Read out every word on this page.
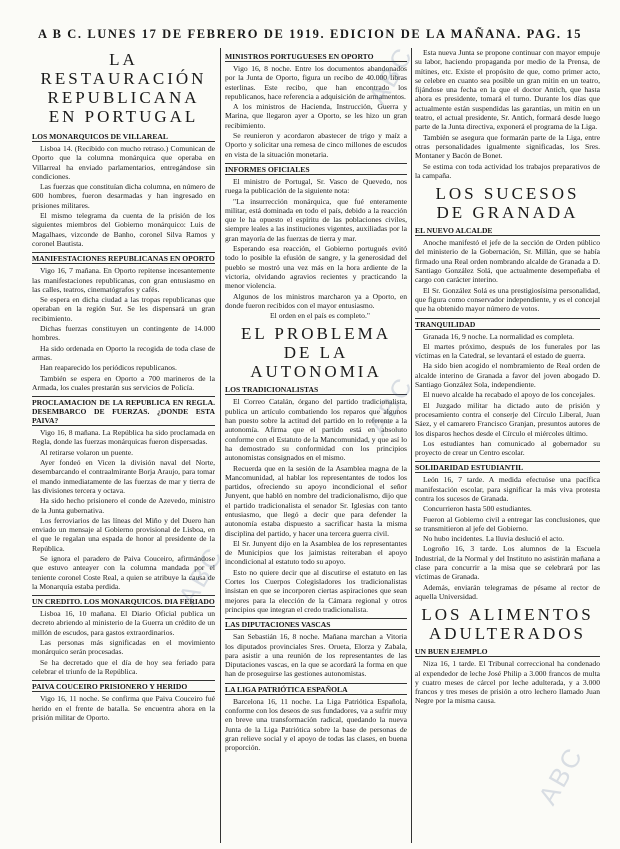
A B C. LUNES 17 DE FEBRERO DE 1919. EDICION DE LA MAÑANA. PAG. 15
LA RESTAURACIÓN
REPUBLICANA
EN PORTUGAL
LOS MONARQUICOS DE VILLAREAL

Lisboa 14. (Recibido con mucho retraso.) Comunican de Oporto que la columna monárquica que operaba en Villarreal ha enviado parlamentarios, entregándose sin condiciones.

Las fuerzas que constituían dicha columna, en número de 600 hombres, fueron desarmadas y han ingresado en prisiones militares.

El mismo telegrama da cuenta de la prisión de los siguientes miembros del Gobierno monárquico: Luis de Magalhaes, vizconde de Banho, coronel Silva Ramos y coronel Bautista.

MANIFESTACIONES REPUBLICANAS EN OPORTO

Vigo 16, 7 mañana. En Oporto repitense incesantemente las manifestaciones republicanas, con gran entusiasmo en las calles, teatros, cinematógrafos y cafés.

Se espera en dicha ciudad a las tropas republicanas que operaban en la región Sur. Se les dispensará un gran recibimiento.

Dichas fuerzas constituyen un contingente de 14.000 hombres.

Ha sido ordenada en Oporto la recogida de toda clase de armas.

Han reaparecido los periódicos republicanos.

También se espera en Oporto a 700 marineros de la Armada, los cuales prestarán sus servicios de Policía.

PROCLAMACION DE LA REPUBLICA EN REGLA. DESEMBARCO DE FUERZAS. ¿DONDE ESTA PAIVA?

Vigo 16, 8 mañana. La República ha sido proclamada en Regla, donde las fuerzas monárquicas fueron dispersadas.

Al retirarse volaron un puente.

Ayer fondeó en Vicen la división naval del Norte, desembarcando el contraalmirante Borja Araujo, para tomar el mando inmediatamente de las fuerzas de mar y tierra de las divisiones tercera y octava.

Ha sido hecho prisionero el conde de Azevedo, ministro de la Junta gubernativa.

Los ferroviarios de las líneas del Miño y del Duero han enviado un mensaje al Gobierno provisional de Lisboa, en el que le regalan una espada de honor al presidente de la República.

Se ignora el paradero de Paiva Couceiro, afirmándose que estuvo anteayer con la columna mandada por el teniente coronel Coste Real, a quien se atribuye la causa de la Monarquía estaba perdida.

UN CREDITO. LOS MONARQUICOS. DIA FERIADO

Lisboa 16, 10 mañana. El Diario Oficial publica un decreto abriendo al ministerio de la Guerra un crédito de un millón de escudos, para gastos extraordinarios.

Las personas más significadas en el movimiento monárquico serán procesadas.

Se ha decretado que el día de hoy sea feriado para celebrar el triunfo de la República.

PAIVA COUCEIRO PRISIONERO Y HERIDO

Vigo 16, 11 noche. Se confirma que Paiva Couceiro fué herido en el frente de batalla. Se encuentra ahora en la prisión militar de Oporto.

MINISTROS PORTUGUESES EN OPORTO

Vigo 16, 8 noche. Entre los documentos abandonados por la Junta de Oporto, figura un recibo de 40.000 libras esterlinas. Este recibo, que han encontrado los republicanos, hace referencia a adquisición de armamentos.

A los ministros de Hacienda, Instrucción, Guerra y Marina, que llegaron ayer a Oporto, se les hizo un gran recibimiento.

Se reunieron y acordaron abastecer de trigo y maíz a Oporto y solicitar una remesa de cinco millones de escudos en vista de la situación monetaria.

INFORMES OFICIALES

El ministro de Portugal, Sr. Vasco de Quevedo, nos ruega la publicación de la siguiente nota:

"La insurrección monárquica, que fué enteramente militar, está dominada en todo el país, debido a la reacción que le ha opuesto el espíritu de las poblaciones civiles, siempre leales a las instituciones vigentes, auxiliadas por la gran mayoría de las fuerzas de tierra y mar.

Esperando esa reacción, el Gobierno portugués evitó todo lo posible la efusión de sangre, y la generosidad del pueblo se mostró una vez más en la hora ardiente de la victoria, olvidando agravios recientes y practicando la menor violencia.

Algunos de los ministros marcharon ya a Oporto, en donde fueron recibidos con el mayor entusiasmo.

El orden en el país es completo."

EL PROBLEMA
DE LA AUTONOMIA
LOS TRADICIONALISTAS

El Correo Catalán, órgano del partido tradicionalista, publica un artículo combatiendo los reparos que algunos han puesto sobre la actitud del partido en lo referente a la autonomía. Afirma que el partido está en absoluto conforme con el Estatuto de la Mancomunidad, y que así lo ha demostrado su conformidad con los principios autonomistas consignados en el mismo.

Recuerda que en la sesión de la Asamblea magna de la Mancomunidad, al hablar los representantes de todos los partidos, ofreciendo su apoyo incondicional el señor Junyent, que habló en nombre del tradicionalismo, dijo que el partido tradicionalista el senador Sr. Iglesias con tanto entusiasmo, que llegó a decir que para defender la autonomía estaba dispuesto a sacrificar hasta la misma disciplina del partido, y hacer una tercera guerra civil.

El Sr. Junyent dijo en la Asamblea de los representantes de Municipios que los jaimistas reiteraban el apoyo incondicional al estatuto todo su apoyo.

Esto no quiere decir que al discutirse el estatuto en las Cortes los Cuerpos Colegisladores los tradicionalistas insistan en que se incorporen ciertas aspiraciones que sean mejores para la elección de la Cámara regional y otros principios que integran el credo tradicionalista.

LAS DIPUTACIONES VASCAS

San Sebastián 16, 8 noche. Mañana marchan a Vitoria los diputados provinciales Sres. Orueta, Elorza y Zabala, para asistir a una reunión de los representantes de las Diputaciones vascas, en la que se acordará la forma en que han de proseguirse las gestiones autonomistas.

LA LIGA PATRIÓTICA ESPAÑOLA

Barcelona 16, 11 noche. La Liga Patriótica Española, conforme con los deseos de sus fundadores, va a sufrir muy en breve una transformación radical, quedando la nueva Junta de la Liga Patriótica sobre la base de personas de gran relieve social y el apoyo de todas las clases, en buena proporción.

Esta nueva Junta se propone continuar con mayor empuje su labor, haciendo propaganda por medio de la Prensa, de mítines, etc. Existe el propósito de que, como primer acto, se celebre en cuanto sea posible un gran mitin en un teatro, fijándose una fecha en la que el doctor Antich, que hasta ahora es presidente, tomará el turno. Durante los días que actualmente están suspendidas las garantías, un mitin en un teatro, el actual presidente, Sr. Antich, formará desde luego parte de la Junta directiva, exponerá el programa de la Liga.

También se asegura que formarán parte de la Liga, entre otras personalidades igualmente significadas, los Sres. Montaner y Bacón de Bonet.

Se estima con toda actividad los trabajos preparativos de la campaña.

LOS SUCESOS
DE GRANADA
EL NUEVO ALCALDE

Anoche manifestó el jefe de la sección de Orden público del ministerio de la Gobernación, Sr. Millán, que se había firmado una Real orden nombrando alcalde de Granada a D. Santiago González Solá, que actualmente desempeñaba el cargo con carácter interino.

El Sr. González Solá es una prestigiosísima personalidad, que figura como conservador independiente, y es el concejal que ha obtenido mayor número de votos.

TRANQUILIDAD

Granada 16, 9 noche. La normalidad es completa.

El martes próximo, después de los funerales por las víctimas en la Catedral, se levantará el estado de guerra.

Ha sido bien acogido el nombramiento de Real orden de alcalde interino de Granada a favor del joven abogado D. Santiago González Sola, independiente.

El nuevo alcalde ha recabado el apoyo de los concejales.

El Juzgado militar ha dictado auto de prisión y procesamiento contra el conserje del Círculo Liberal, Juan Sáez, y el camarero Francisco Granjan, presuntos autores de los disparos hechos desde el Círculo el miércoles último.

Los estudiantes han comunicado al gobernador su proyecto de crear un Centro escolar.

SOLIDARIDAD ESTUDIANTIL

León 16, 7 tarde. A medida efectuóse una pacífica manifestación escolar, para significar la más viva protesta contra los sucesos de Granada.

Concurrieron hasta 500 estudiantes.

Fueron al Gobierno civil a entregar las conclusiones, que se transmitieron al jefe del Gobierno.

No hubo incidentes. La lluvia deslució el acto.

Logroño 16, 3 tarde. Los alumnos de la Escuela Industrial, de la Normal y del Instituto no asistirán mañana a clase para concurrir a la misa que se celebrará por las víctimas de Granada.

Además, enviarán telegramas de pésame al rector de aquella Universidad.

LOS ALIMENTOS
ADULTERADOS
UN BUEN EJEMPLO

Niza 16, 1 tarde. El Tribunal correccional ha condenado al expendedor de leche José Philip a 3.000 francos de multa y cuatro meses de cárcel por leche adulterada, y a 3.000 francos y tres meses de prisión a otro lechero llamado Juan Negre por la misma causa.

ABC
ABC
ABC
ABC
